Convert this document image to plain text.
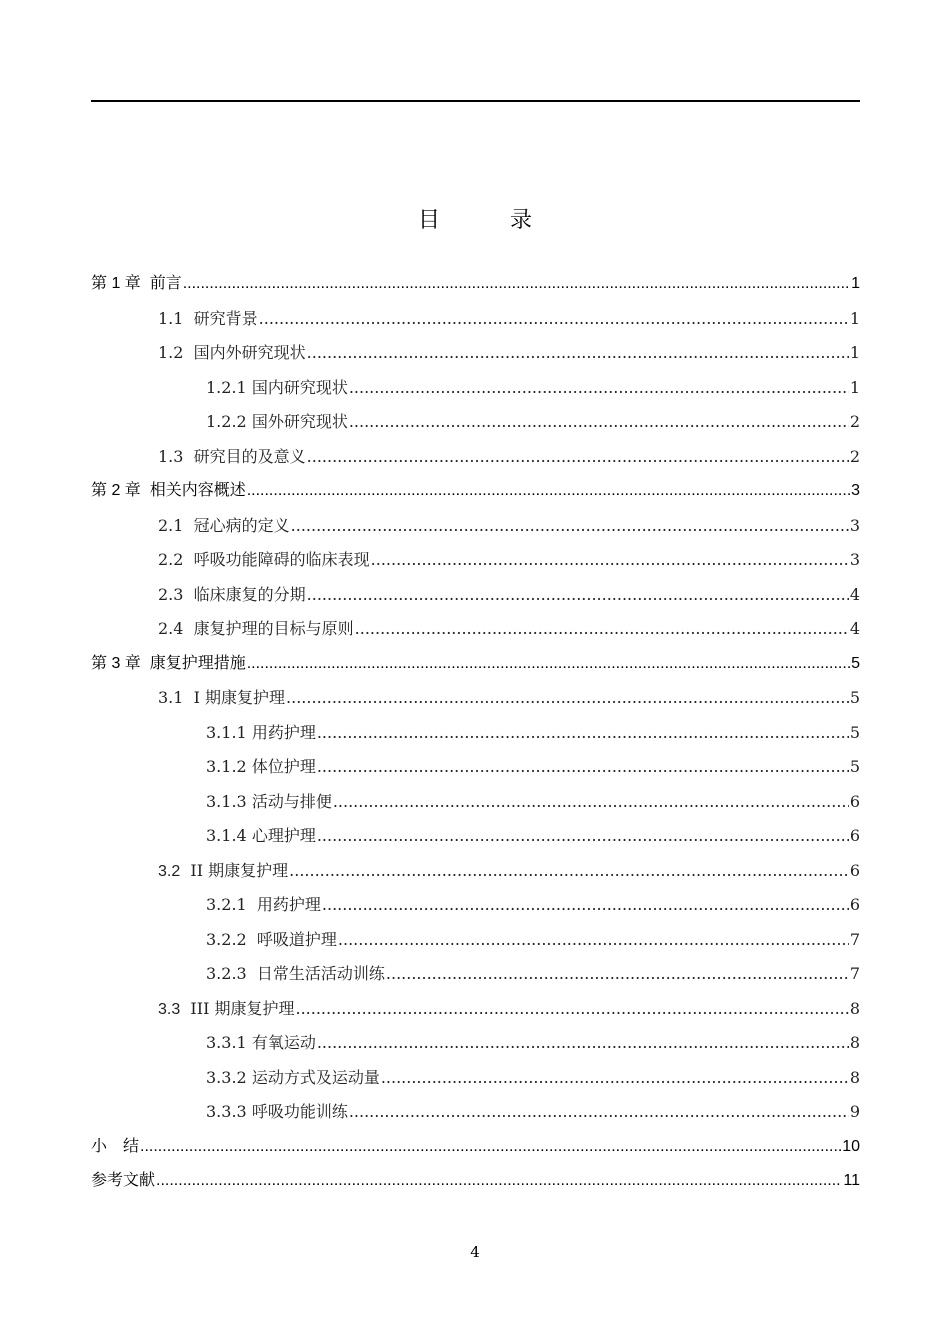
目　录
第 1 章 前言 .....	1
1.1 研究背景 .....	1
1.2 国内外研究现状 .....	1
1.2.1 国内研究现状 .....	1
1.2.2 国外研究现状 .....	2
1.3 研究目的及意义 .....	2
第 2 章 相关内容概述 .....	3
2.1 冠心病的定义 .....	3
2.2 呼吸功能障碍的临床表现 .....	3
2.3 临床康复的分期 .....	4
2.4 康复护理的目标与原则 .....	4
第 3 章 康复护理措施 .....	5
3.1 I 期康复护理 .....	5
3.1.1 用药护理 .....	5
3.1.2 体位护理 .....	5
3.1.3 活动与排便 .....	6
3.1.4 心理护理 .....	6
3.2 II 期康复护理 .....	6
3.2.1 用药护理 .....	6
3.2.2 呼吸道护理 .....	7
3.2.3 日常生活活动训练 .....	7
3.3 III 期康复护理 .....	8
3.3.1 有氧运动 .....	8
3.3.2 运动方式及运动量 .....	8
3.3.3 呼吸功能训练 .....	9
小　结 .....	10
参考文献 .....	11
4
